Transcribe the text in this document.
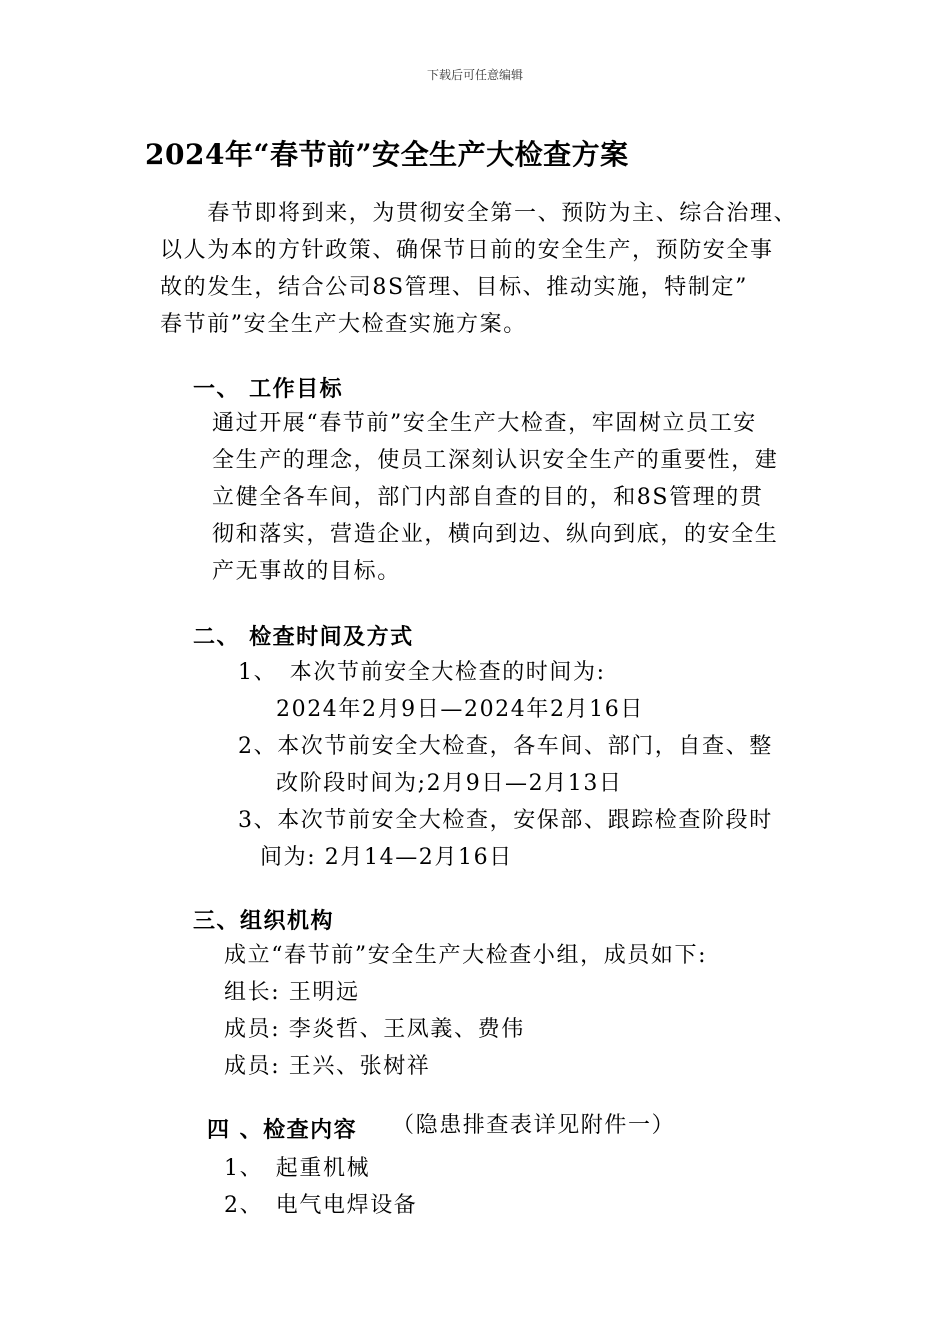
下载后可任意编辑
2024年“春节前”安全生产大检查方案
　　春节即将到来，为贯彻安全第一、预防为主、综合治理、
以人为本的方针政策、确保节日前的安全生产，预防安全事
故的发生，结合公司8S管理、目标、推动实施，特制定”
春节前”安全生产大检查实施方案。
一、 工作目标
通过开展“春节前”安全生产大检查，牢固树立员工安
全生产的理念，使员工深刻认识安全生产的重要性，建
立健全各车间，部门内部自查的目的，和8S管理的贯
彻和落实，营造企业，横向到边、纵向到底，的安全生
产无事故的目标。
二、 检查时间及方式
1、　本次节前安全大检查的时间为:
2024年2月9日—2024年2月16日
2、本次节前安全大检查，各车间、部门，自查、整
改阶段时间为;2月9日—2月13日
3、本次节前安全大检查，安保部、跟踪检查阶段时
间为: 2月14—2月16日
三、组织机构
成立“春节前”安全生产大检查小组，成员如下:
组长: 王明远
成员: 李炎哲、王凤義、费伟
成员: 王兴、张树祥
四 、检查内容 （隐患排查表详见附件一）
1、　起重机械
2、　电气电焊设备
